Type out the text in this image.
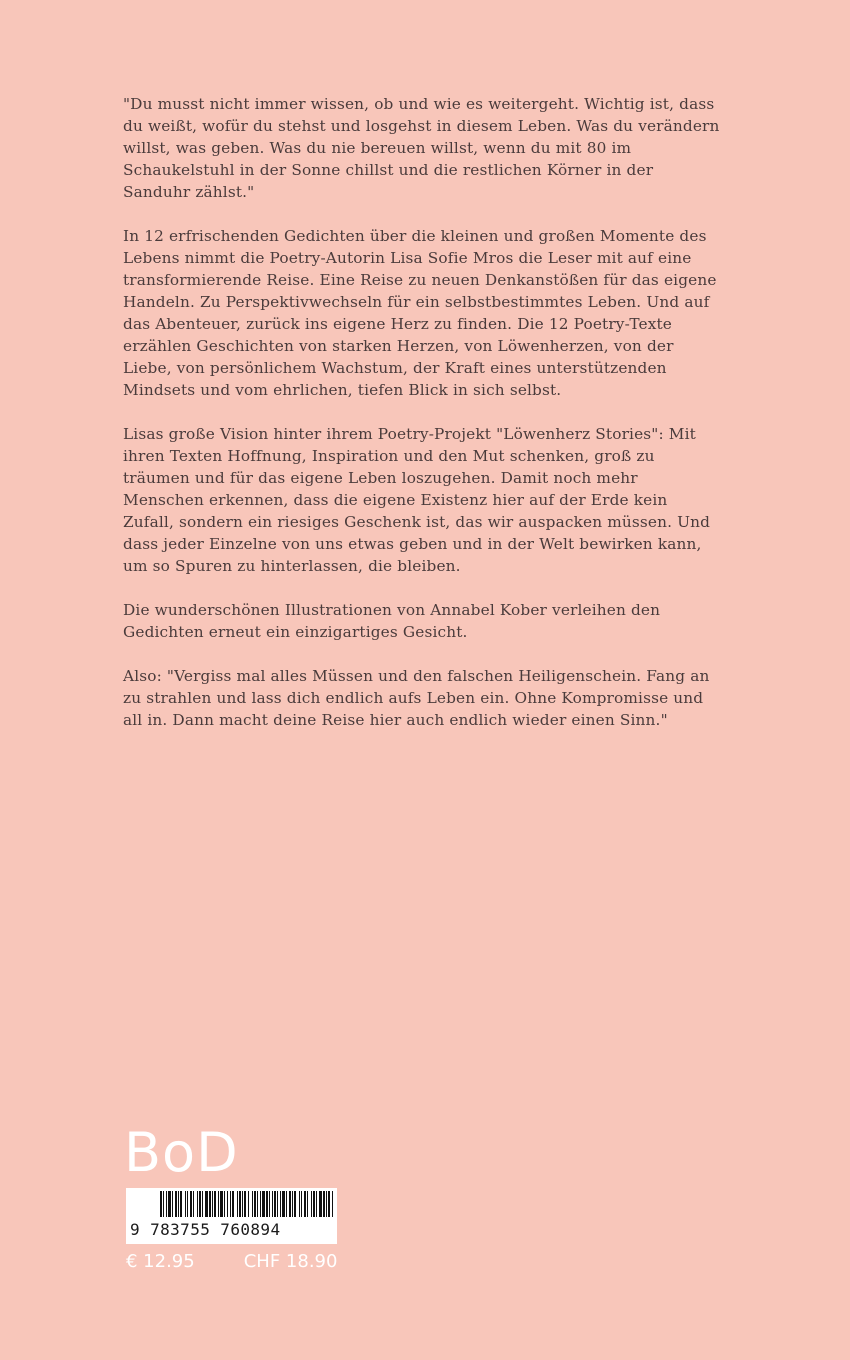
"Du musst nicht immer wissen, ob und wie es weitergeht. Wichtig ist, dass du weißt, wofür du stehst und losgehst in diesem Leben. Was du verändern willst, was geben. Was du nie bereuen willst, wenn du mit 80 im Schaukelstuhl in der Sonne chillst und die restlichen Körner in der Sanduhr zählst."

In 12 erfrischenden Gedichten über die kleinen und großen Momente des Lebens nimmt die Poetry-Autorin Lisa Sofie Mros die Leser mit auf eine transformierende Reise. Eine Reise zu neuen Denkanstößen für das eigene Handeln. Zu Perspektivwechseln für ein selbstbestimmtes Leben. Und auf das Abenteuer, zurück ins eigene Herz zu finden. Die 12 Poetry-Texte erzählen Geschichten von starken Herzen, von Löwenherzen, von der Liebe, von persönlichem Wachstum, der Kraft eines unterstützenden Mindsets und vom ehrlichen, tiefen Blick in sich selbst.

Lisas große Vision hinter ihrem Poetry-Projekt "Löwenherz Stories": Mit ihren Texten Hoffnung, Inspiration und den Mut schenken, groß zu träumen und für das eigene Leben loszugehen. Damit noch mehr Menschen erkennen, dass die eigene Existenz hier auf der Erde kein Zufall, sondern ein riesiges Geschenk ist, das wir auspacken müssen. Und dass jeder Einzelne von uns etwas geben und in der Welt bewirken kann, um so Spuren zu hinterlassen, die bleiben.

Die wunderschönen Illustrationen von Annabel Kober verleihen den Gedichten erneut ein einzigartiges Gesicht.

Also: "Vergiss mal alles Müssen und den falschen Heiligenschein. Fang an zu strahlen und lass dich endlich aufs Leben ein. Ohne Kompromisse und all in. Dann macht deine Reise hier auch endlich wieder einen Sinn."

BoD
9 783755 760894
€ 12.95	CHF 18.90
